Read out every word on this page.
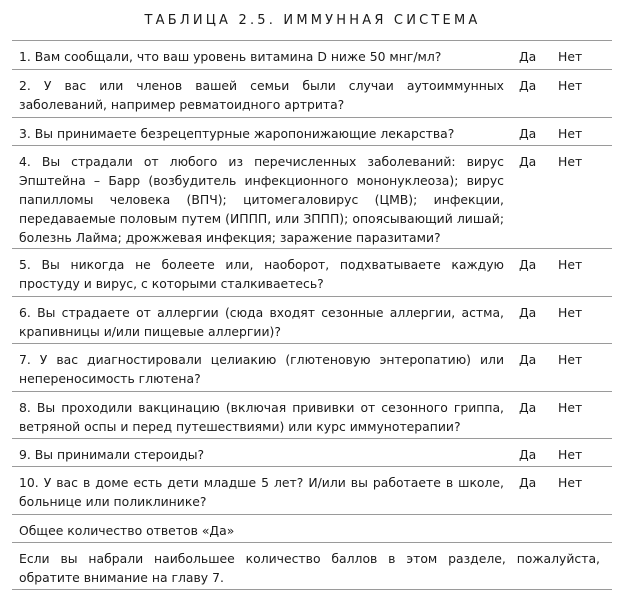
ТАБЛИЦА 2.5. ИММУННАЯ СИСТЕМА
1. Вам сообщали, что ваш уровень витамина D ниже 50 мнг/мл?	Да	Нет
2. У вас или членов вашей семьи были случаи аутоиммунных заболеваний, например ревматоидного артрита?
Да	Нет
3. Вы принимаете безрецептурные жаропонижающие лекарства?	Да	Нет
4. Вы страдали от любого из перечисленных заболеваний: вирус Эпштейна – Барр (возбудитель инфекционного мононуклеоза); вирус папилломы человека (ВПЧ); цитомегаловирус (ЦМВ); инфекции, передаваемые половым путем (ИППП, или ЗППП); опоясывающий лишай; болезнь Лайма; дрожжевая инфекция; заражение паразитами?
Да	Нет
5. Вы никогда не болеете или, наоборот, подхватываете каждую простуду и вирус, с которыми сталкиваетесь?
Да	Нет
6. Вы страдаете от аллергии (сюда входят сезонные аллергии, астма, крапивницы и/или пищевые аллергии)?
Да	Нет
7. У вас диагностировали целиакию (глютеновую энтеропатию) или непереносимость глютена?
Да	Нет
8. Вы проходили вакцинацию (включая прививки от сезонного гриппа, ветряной оспы и перед путешествиями) или курс иммунотерапии?
Да	Нет
9. Вы принимали стероиды?	Да	Нет
10. У вас в доме есть дети младше 5 лет? И/или вы работаете в школе, больнице или поликлинике?
Да	Нет
Общее количество ответов «Да»
Если вы набрали наибольшее количество баллов в этом разделе, пожалуйста, обратите внимание на главу 7.
